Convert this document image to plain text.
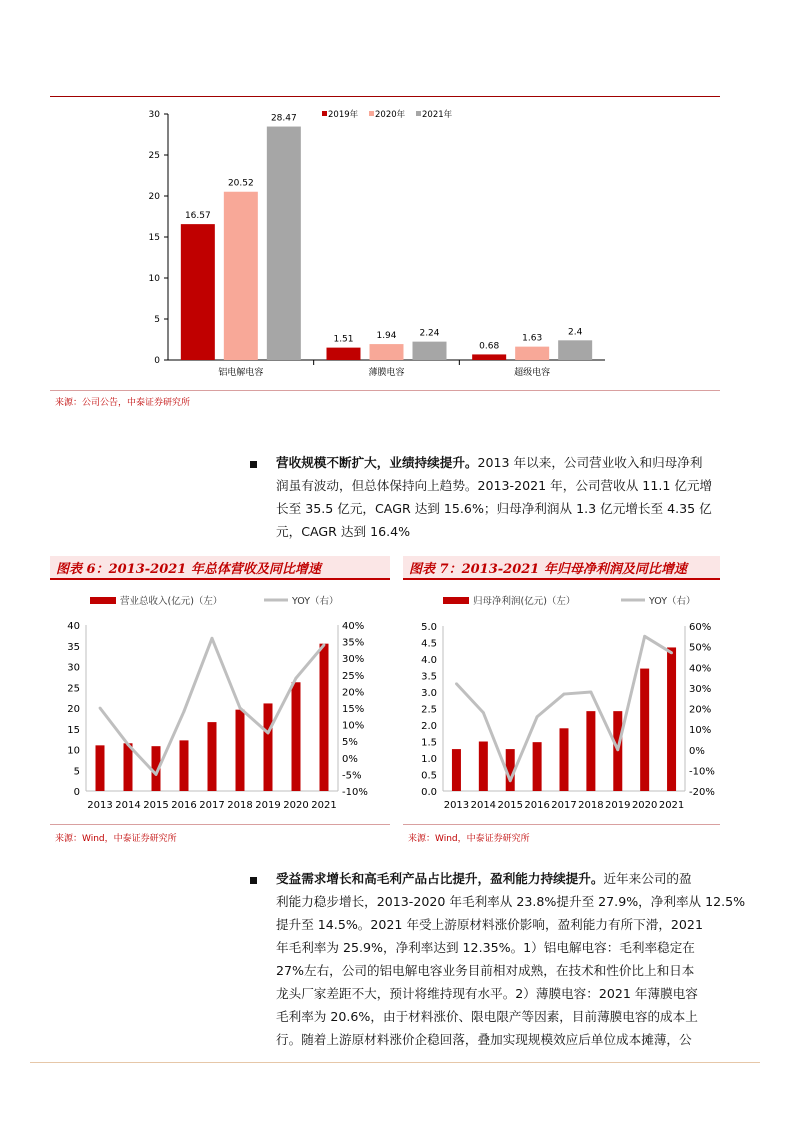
0
5
10
15
20
25
30
铝电解电容
16.57
20.52
28.47
薄膜电容
1.51	1.94	2.24
超级电容
0.68
1.63
2.4
2019年 2020年 2021年
来源：公司公告，中泰证券研究所
营收规模不断扩大，业绩持续提升。2013 年以来，公司营业收入和归母净利
润虽有波动，但总体保持向上趋势。2013-2021 年，公司营收从 11.1 亿元增
长至 35.5 亿元，CAGR 达到 15.6%；归母净利润从 1.3 亿元增长至 4.35 亿
元，CAGR 达到 16.4%
图表 6：2013-2021 年总体营收及同比增速
营业总收入(亿元)（左）	YOY（右）
0
5
10
15
20
25
30
35
40
-10%
-5%
0%
5%
10%
15%
20%
25%
30%
35%
40%
2013 2014 2015 2016 2017 2018 2019 2020 2021
来源：Wind，中泰证券研究所
图表 7：2013-2021 年归母净利润及同比增速
归母净利润(亿元)（左）	YOY（右）
0.0
0.5
1.0
1.5
2.0
2.5
3.0
3.5
4.0
4.5
5.0
-20%
-10%
0%
10%
20%
30%
40%
50%
60%
2013 2014 2015 2016 2017 2018 2019 2020 2021
来源：Wind，中泰证券研究所
受益需求增长和高毛利产品占比提升，盈利能力持续提升。近年来公司的盈
利能力稳步增长，2013-2020 年毛利率从 23.8%提升至 27.9%，净利率从 12.5%
提升至 14.5%。2021 年受上游原材料涨价影响，盈利能力有所下滑，2021
年毛利率为 25.9%，净利率达到 12.35%。1）铝电解电容：毛利率稳定在
27%左右，公司的铝电解电容业务目前相对成熟，在技术和性价比上和日本
龙头厂家差距不大，预计将维持现有水平。2）薄膜电容：2021 年薄膜电容
毛利率为 20.6%，由于材料涨价、限电限产等因素，目前薄膜电容的成本上
行。随着上游原材料涨价企稳回落，叠加实现规模效应后单位成本摊薄，公
